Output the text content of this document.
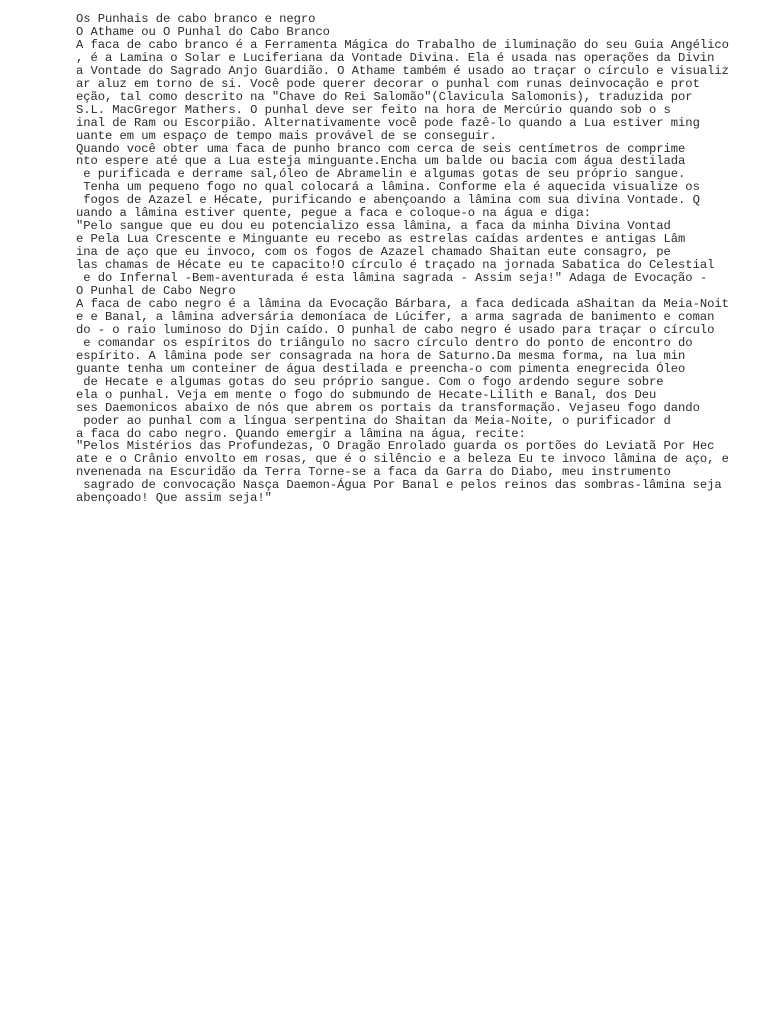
Os Punhais de cabo branco e negro
O Athame ou O Punhal do Cabo Branco
A faca de cabo branco é a Ferramenta Mágica do Trabalho de iluminação do seu Guia Angélico
, é a Lamina o Solar e Luciferiana da Vontade Divina. Ela é usada nas operações da Divin
a Vontade do Sagrado Anjo Guardião. O Athame também é usado ao traçar o círculo e visualiz
ar aluz em torno de si. Você pode querer decorar o punhal com runas deinvocação e prot
eção, tal como descrito na "Chave do Rei Salomão"(Clavicula Salomonis), traduzida por
S.L. MacGregor Mathers. O punhal deve ser feito na hora de Mercúrio quando sob o s
inal de Ram ou Escorpião. Alternativamente você pode fazê-lo quando a Lua estiver ming
uante em um espaço de tempo mais provável de se conseguir.
Quando você obter uma faca de punho branco com cerca de seis centímetros de comprime
nto espere até que a Lua esteja minguante.Encha um balde ou bacia com água destilada
e purificada e derrame sal,óleo de Abramelin e algumas gotas de seu próprio sangue.
Tenha um pequeno fogo no qual colocará a lâmina. Conforme ela é aquecida visualize os
fogos de Azazel e Hécate, purificando e abençoando a lâmina com sua divina Vontade. Q
uando a lâmina estiver quente, pegue a faca e coloque-o na água e diga:
"Pelo sangue que eu dou eu potencializo essa lâmina, a faca da minha Divina Vontad
e Pela Lua Crescente e Minguante eu recebo as estrelas caídas ardentes e antigas Lâm
ina de aço que eu invoco, com os fogos de Azazel chamado Shaitan eute consagro, pe
las chamas de Hécate eu te capacito!O círculo é traçado na jornada Sabatica do Celestial
e do Infernal -Bem-aventurada é esta lâmina sagrada - Assim seja!" Adaga de Evocação -
O Punhal de Cabo Negro
A faca de cabo negro é a lâmina da Evocação Bárbara, a faca dedicada aShaitan da Meia-Noit
e e Banal, a lâmina adversária demoníaca de Lúcifer, a arma sagrada de banimento e coman
do - o raio luminoso do Djin caído. O punhal de cabo negro é usado para traçar o círculo
e comandar os espíritos do triângulo no sacro círculo dentro do ponto de encontro do
espírito. A lâmina pode ser consagrada na hora de Saturno.Da mesma forma, na lua min
guante tenha um conteiner de água destilada e preencha-o com pimenta enegrecida Óleo
de Hecate e algumas gotas do seu próprio sangue. Com o fogo ardendo segure sobre
ela o punhal. Veja em mente o fogo do submundo de Hecate-Lilith e Banal, dos Deu
ses Daemonicos abaixo de nós que abrem os portais da transformação. Vejaseu fogo dando
poder ao punhal com a língua serpentina do Shaitan da Meia-Noite, o purificador d
a faca do cabo negro. Quando emergir a lâmina na água, recite:
"Pelos Mistérios das Profundezas, O Dragão Enrolado guarda os portões do Leviatã Por Hec
ate e o Crânio envolto em rosas, que é o silêncio e a beleza Eu te invoco lâmina de aço, e
nvenenada na Escuridão da Terra Torne-se a faca da Garra do Diabo, meu instrumento
sagrado de convocação Nasça Daemon-Água Por Banal e pelos reinos das sombras-lâmina seja
abençoado! Que assim seja!"
